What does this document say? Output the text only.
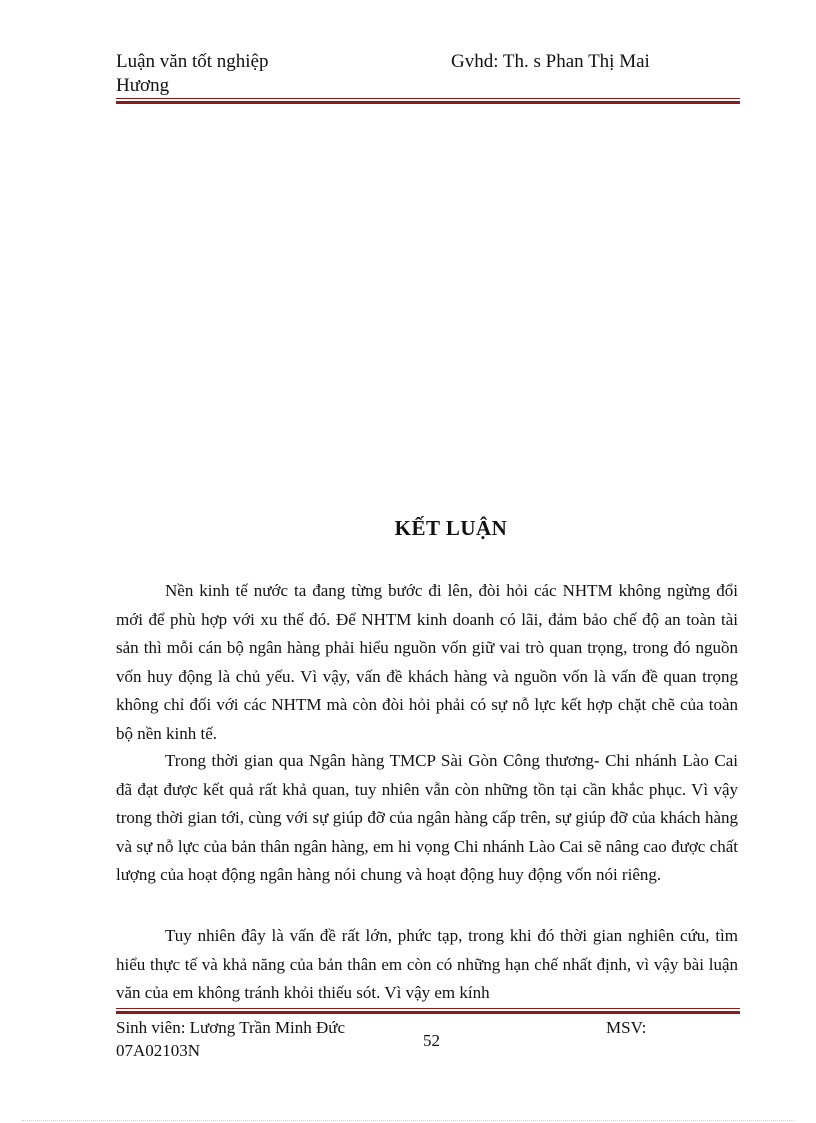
Luận văn tốt nghiệp	Gvhd: Th. s Phan Thị Mai
Hương
KẾT LUẬN

Nền kinh tế nước ta đang từng bước đi lên, đòi hỏi các NHTM không ngừng đổi mới để phù hợp với xu thế đó. Để NHTM kinh doanh có lãi, đảm bảo chế độ an toàn tài sản thì mỗi cán bộ ngân hàng phải hiểu nguồn vốn giữ vai trò quan trọng, trong đó nguồn vốn huy động là chủ yếu. Vì vậy, vấn đề khách hàng và nguồn vốn là vấn đề quan trọng không chỉ đối với các NHTM mà còn đòi hỏi phải có sự nỗ lực kết hợp chặt chẽ của toàn bộ nền kinh tế.

Trong thời gian qua Ngân hàng TMCP Sài Gòn Công thương- Chi nhánh Lào Cai đã đạt được kết quả rất khả quan, tuy nhiên vẫn còn những tồn tại cần khắc phục. Vì vậy trong thời gian tới, cùng với sự giúp đỡ của ngân hàng cấp trên, sự giúp đỡ của khách hàng và sự nỗ lực của bản thân ngân hàng, em hi vọng Chi nhánh Lào Cai sẽ nâng cao được chất lượng của hoạt động ngân hàng nói chung và hoạt động huy động vốn nói riêng.

Tuy nhiên đây là vấn đề rất lớn, phức tạp, trong khi đó thời gian nghiên cứu, tìm hiểu thực tế và khả năng của bản thân em còn có những hạn chế nhất định, vì vậy bài luận văn của em không tránh khỏi thiếu sót. Vì vậy em kính

Sinh viên: Lương Trần Minh Đức	MSV:
52
07A02103N
